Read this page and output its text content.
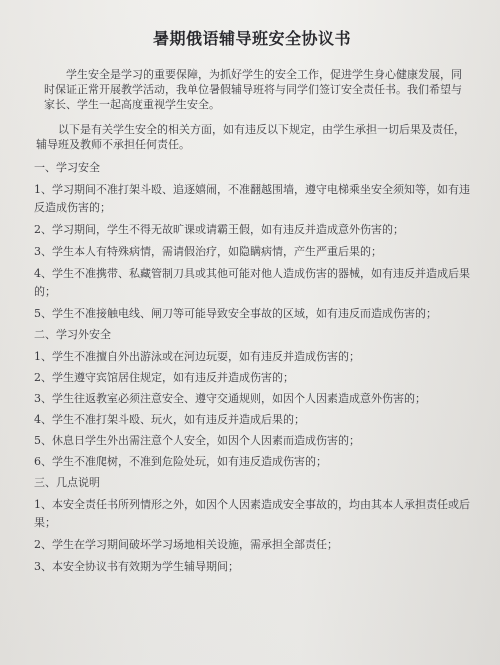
暑期俄语辅导班安全协议书
学生安全是学习的重要保障，为抓好学生的安全工作，促进学生身心健康发展，同时保证正常开展教学活动，我单位暑假辅导班将与同学们签订安全责任书。我们希望与家长、学生一起高度重视学生安全。
以下是有关学生安全的相关方面，如有违反以下规定，由学生承担一切后果及责任，辅导班及教师不承担任何责任。
一、学习安全
1、学习期间不准打架斗殴、追逐嬉闹，不准翻越围墙，遵守电梯乘坐安全须知等，如有违反造成伤害的；
2、学习期间，学生不得无故旷课或请霸王假，如有违反并造成意外伤害的；
3、学生本人有特殊病情，需请假治疗，如隐瞒病情，产生严重后果的；
4、学生不准携带、私藏管制刀具或其他可能对他人造成伤害的器械，如有违反并造成后果的；
5、学生不准接触电线、闸刀等可能导致安全事故的区域，如有违反而造成伤害的；
二、学习外安全
1、学生不准擅自外出游泳或在河边玩耍，如有违反并造成伤害的；
2、学生遵守宾馆居住规定，如有违反并造成伤害的；
3、学生往返教室必须注意安全、遵守交通规则，如因个人因素造成意外伤害的；
4、学生不准打架斗殴、玩火，如有违反并造成后果的；
5、休息日学生外出需注意个人安全，如因个人因素而造成伤害的；
6、学生不准爬树，不准到危险处玩，如有违反造成伤害的；
三、几点说明
1、本安全责任书所列情形之外，如因个人因素造成安全事故的，均由其本人承担责任或后果；
2、学生在学习期间破坏学习场地相关设施，需承担全部责任；
3、本安全协议书有效期为学生辅导期间；
